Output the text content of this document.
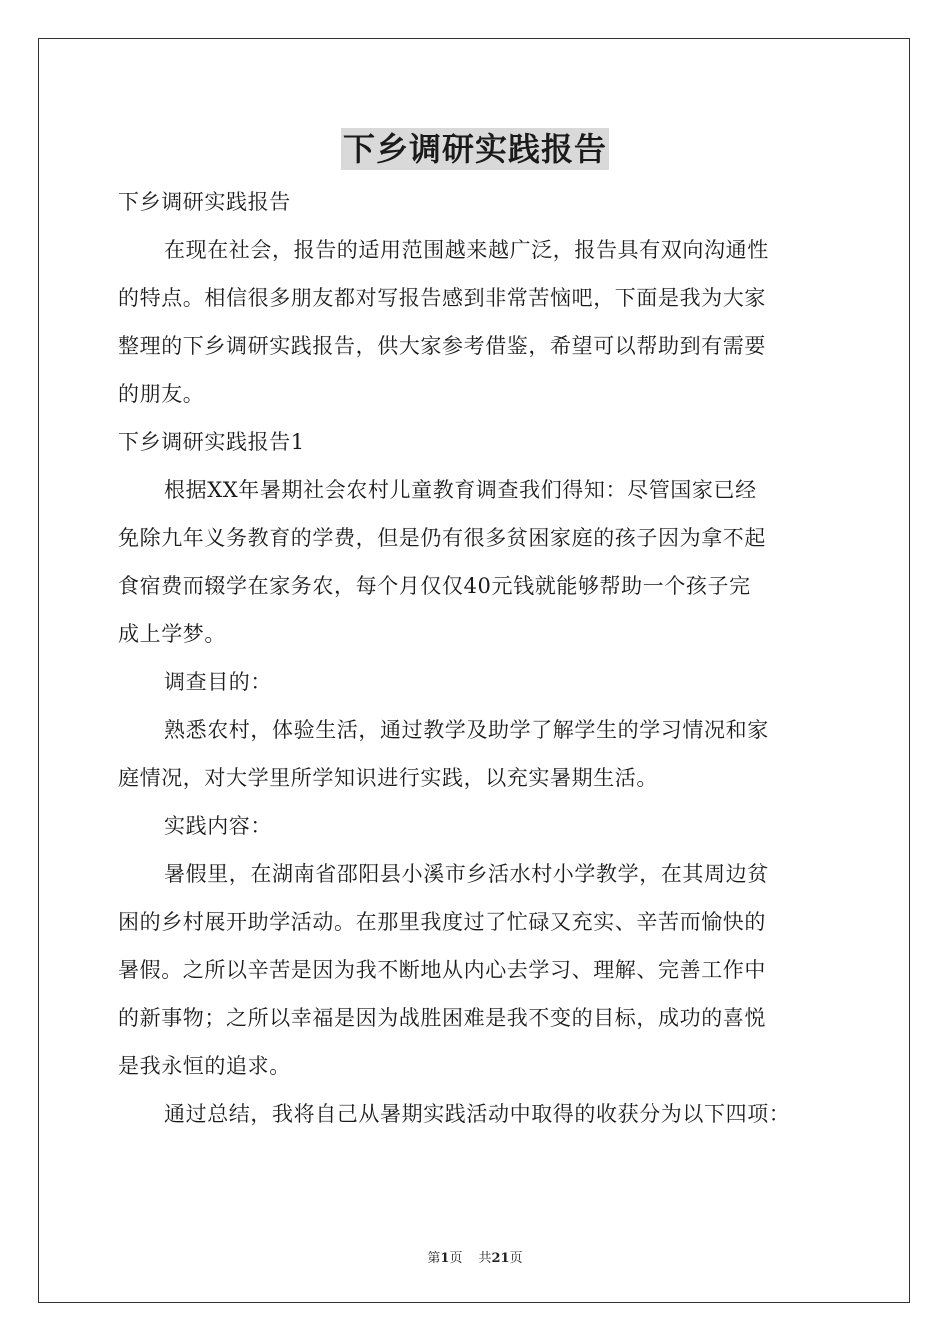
下乡调研实践报告
下乡调研实践报告
在现在社会，报告的适用范围越来越广泛，报告具有双向沟通性
的特点。相信很多朋友都对写报告感到非常苦恼吧，下面是我为大家
整理的下乡调研实践报告，供大家参考借鉴，希望可以帮助到有需要
的朋友。
下乡调研实践报告1
根据XX年暑期社会农村儿童教育调查我们得知：尽管国家已经
免除九年义务教育的学费，但是仍有很多贫困家庭的孩子因为拿不起
食宿费而辍学在家务农，每个月仅仅40元钱就能够帮助一个孩子完
成上学梦。
调查目的：
熟悉农村，体验生活，通过教学及助学了解学生的学习情况和家
庭情况，对大学里所学知识进行实践，以充实暑期生活。
实践内容：
暑假里，在湖南省邵阳县小溪市乡活水村小学教学，在其周边贫
困的乡村展开助学活动。在那里我度过了忙碌又充实、辛苦而愉快的
暑假。之所以辛苦是因为我不断地从内心去学习、理解、完善工作中
的新事物；之所以幸福是因为战胜困难是我不变的目标，成功的喜悦
是我永恒的追求。
通过总结，我将自己从暑期实践活动中取得的收获分为以下四项：
第1页 共21页
